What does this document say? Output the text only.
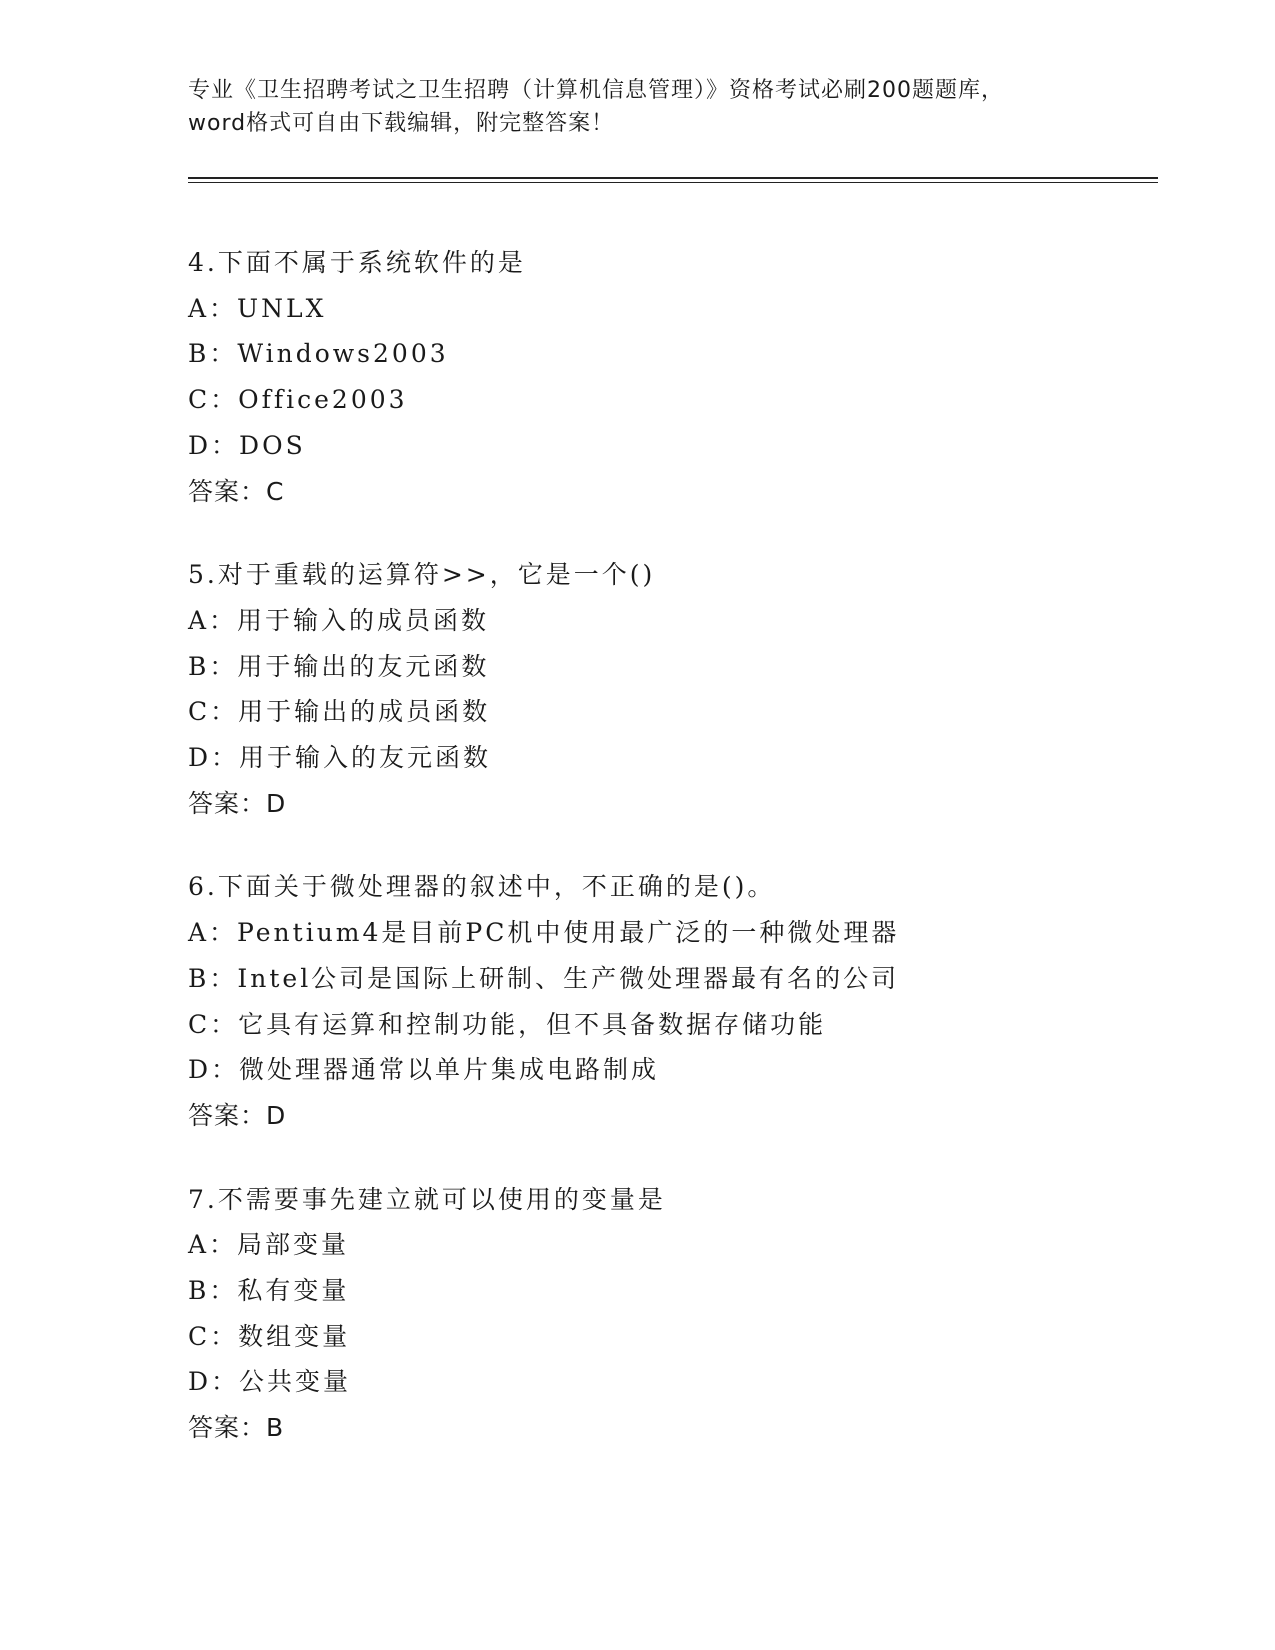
专业《卫生招聘考试之卫生招聘（计算机信息管理）》资格考试必刷200题题库，
word格式可自由下载编辑，附完整答案！
4.下面不属于系统软件的是
A：UNLX
B：Windows2003
C：Office2003
D：DOS
答案：C
5.对于重载的运算符>>，它是一个()
A：用于输入的成员函数
B：用于输出的友元函数
C：用于输出的成员函数
D：用于输入的友元函数
答案：D
6.下面关于微处理器的叙述中，不正确的是()。
A：Pentium4是目前PC机中使用最广泛的一种微处理器
B：Intel公司是国际上研制、生产微处理器最有名的公司
C：它具有运算和控制功能，但不具备数据存储功能
D：微处理器通常以单片集成电路制成
答案：D
7.不需要事先建立就可以使用的变量是
A：局部变量
B：私有变量
C：数组变量
D：公共变量
答案：B
